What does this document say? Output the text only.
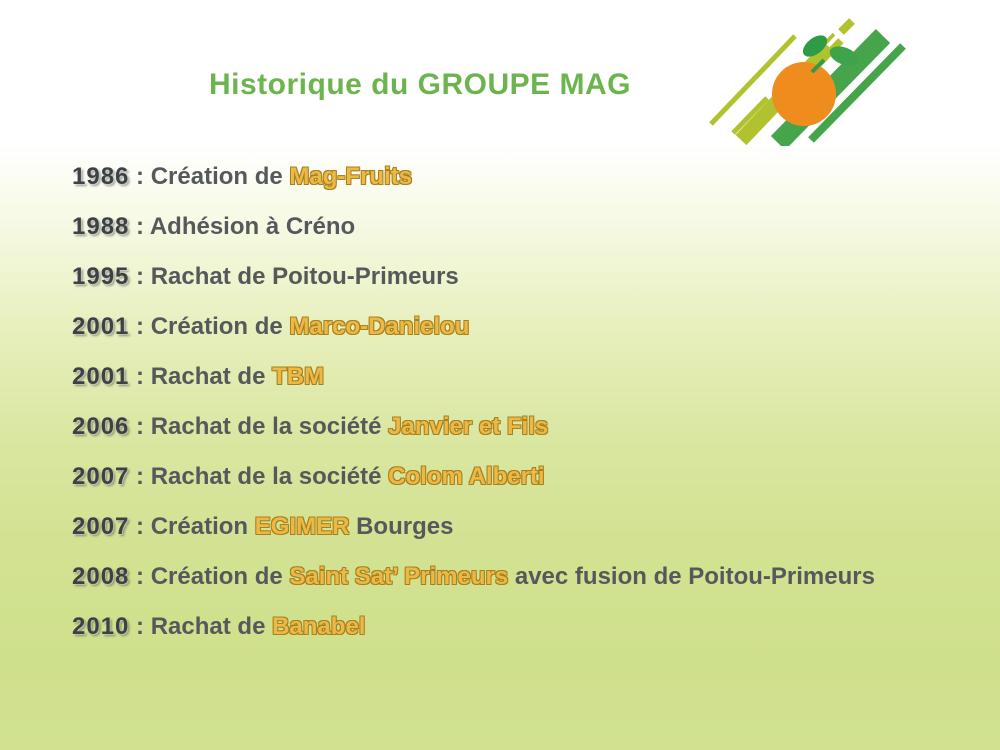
Historique du GROUPE MAG
1986 : Création de Mag-Fruits
1988 : Adhésion à Créno
1995 : Rachat de Poitou-Primeurs
2001 : Création de Marco-Danielou
2001 : Rachat de TBM
2006 : Rachat de la société Janvier et Fils
2007 : Rachat de la société Colom Alberti
2007 : Création EGIMER Bourges
2008 : Création de Saint Sat’ Primeurs avec fusion de Poitou-Primeurs
2010 : Rachat de Banabel
